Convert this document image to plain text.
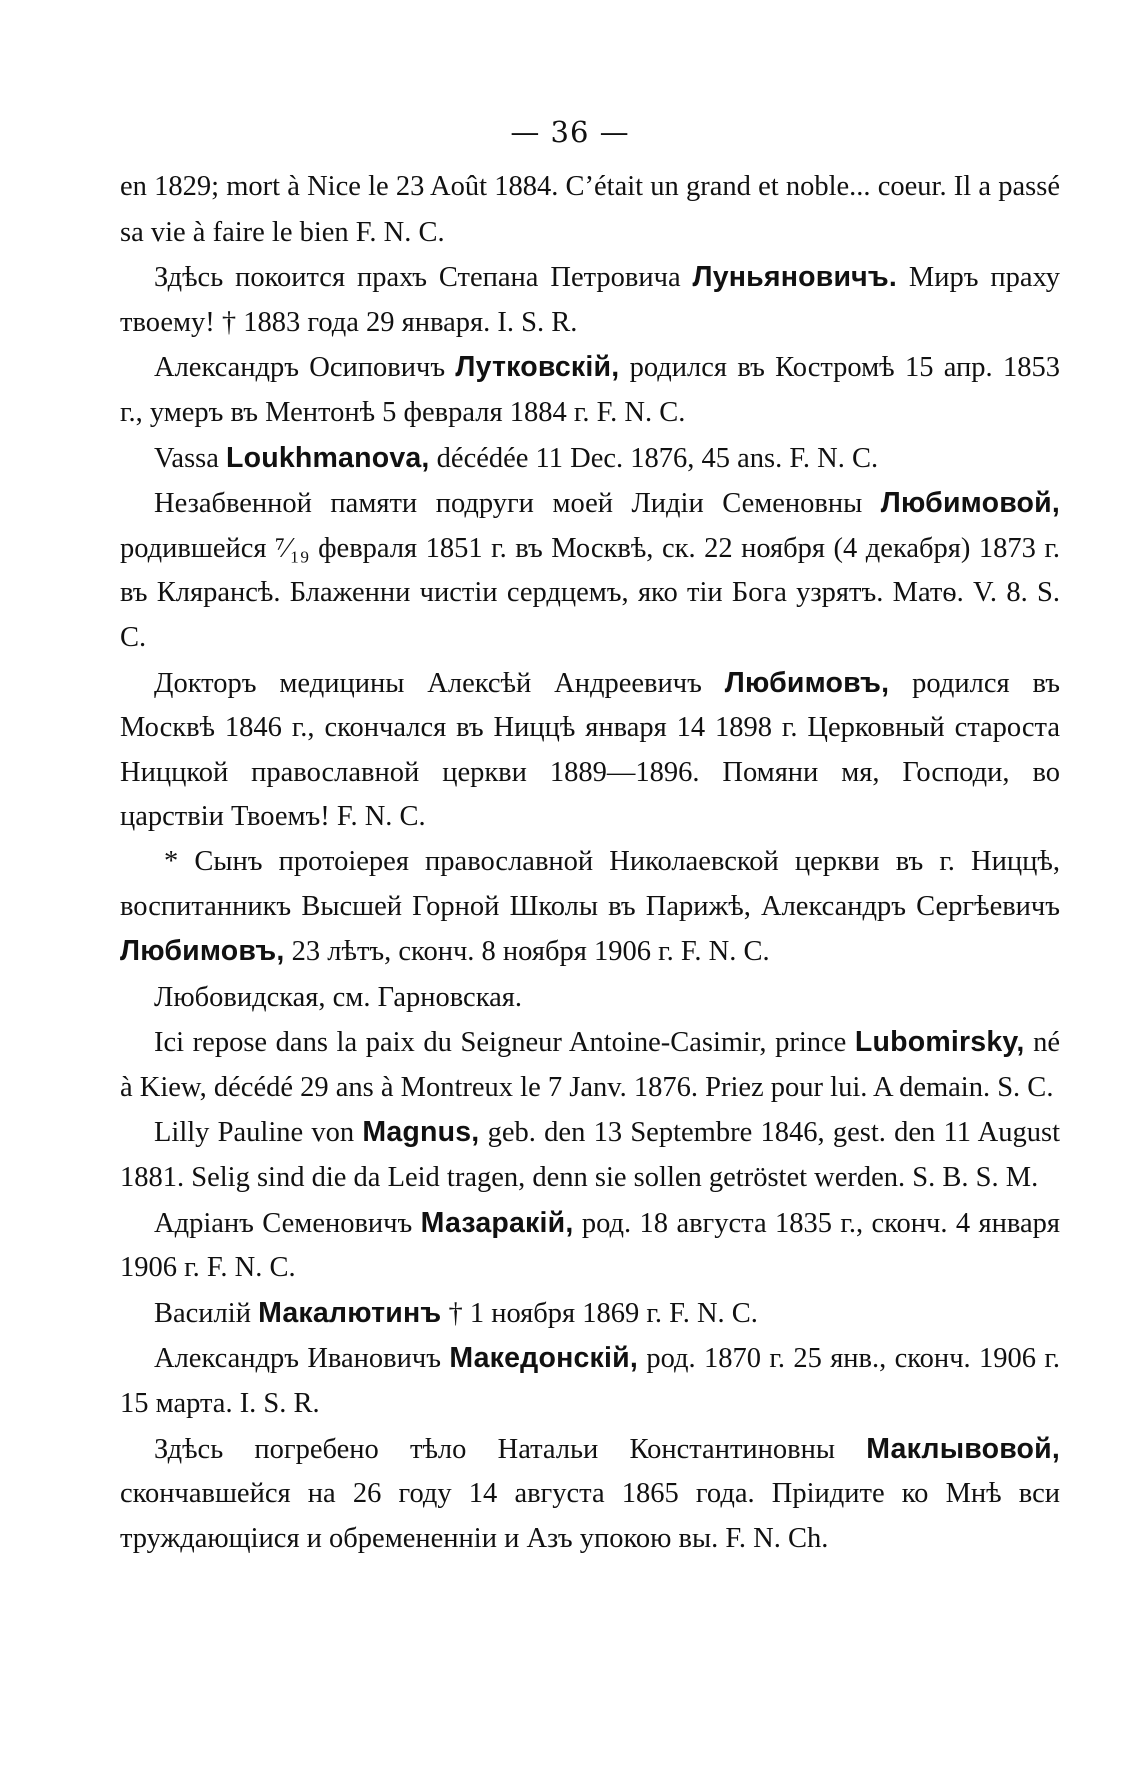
— 36 —

en 1829; mort à Nice le 23 Août 1884. C’était un grand et noble... coeur. Il a passé sa vie à faire le bien F. N. C.

Здѣсь покоится прахъ Степана Петровича Луньяновичъ. Миръ праху твоему! † 1883 года 29 января. I. S. R.

Александръ Осиповичъ Лутковскій, родился въ Костромѣ 15 апр. 1853 г., умеръ въ Ментонѣ 5 февраля 1884 г. F. N. C.

Vassa Loukhmanova, décédée 11 Dec. 1876, 45 ans. F. N. C.

Незабвенной памяти подруги моей Лидіи Семеновны Любимовой, родившейся ⁷⁄₁₉ февраля 1851 г. въ Москвѣ, ск. 22 ноября (4 декабря) 1873 г. въ Клярансѣ. Блаженни чистіи сердцемъ, яко тіи Бога узрятъ. Матѳ. V. 8. S. C.

Докторъ медицины Алексѣй Андреевичъ Любимовъ, родился въ Москвѣ 1846 г., скончался въ Ниццѣ января 14 1898 г. Церковный староста Ниццкой православной церкви 1889—1896. Помяни мя, Господи, во царствіи Твоемъ! F. N. C.

* Сынъ протоіерея православной Николаевской церкви въ г. Ниццѣ, воспитанникъ Высшей Горной Школы въ Парижѣ, Александръ Сергѣевичъ Любимовъ, 23 лѣтъ, сконч. 8 ноября 1906 г. F. N. C.

Любовидская, см. Гарновская.

Ici repose dans la paix du Seigneur Antoine-Casimir, prince Lubomirsky, né à Kiew, décédé 29 ans à Montreux le 7 Janv. 1876. Priez pour lui. A demain. S. C.

Lilly Pauline von Magnus, geb. den 13 Septembre 1846, gest. den 11 August 1881. Selig sind die da Leid tragen, denn sie sollen getröstet werden. S. B. S. M.

Адріанъ Семеновичъ Мазаракій, род. 18 августа 1835 г., сконч. 4 января 1906 г. F. N. C.

Василій Макалютинъ † 1 ноября 1869 г. F. N. C.

Александръ Ивановичъ Македонскій, род. 1870 г. 25 янв., сконч. 1906 г. 15 марта. I. S. R.

Здѣсь погребено тѣло Натальи Константиновны Маклывовой, скончавшейся на 26 году 14 августа 1865 года. Пріидите ко Мнѣ вси труждающіися и обремененніи и Азъ упокою вы. F. N. Ch.
